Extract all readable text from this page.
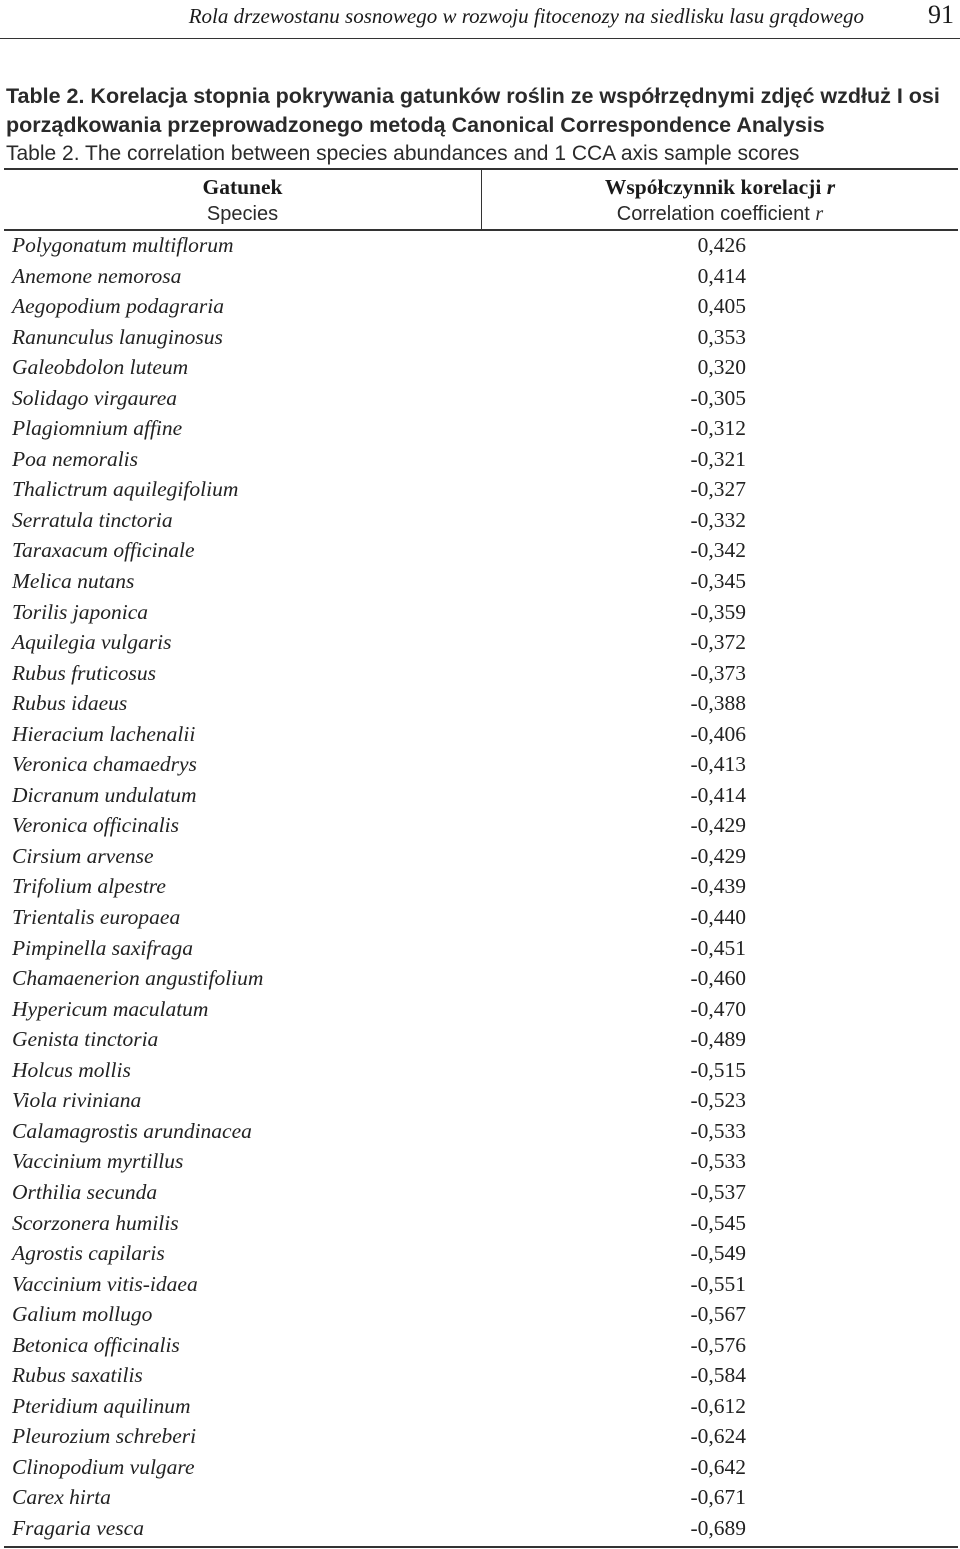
Rola drzewostanu sosnowego w rozwoju fitocenozy na siedlisku lasu grądowego 91
Table 2. Korelacja stopnia pokrywania gatunków roślin ze współrzędnymi zdjęć wzdłuż I osi porządkowania przeprowadzonego metodą Canonical Correspondence Analysis
Table 2. The correlation between species abundances and 1 CCA axis sample scores
Gatunek
Species
Współczynnik korelacji r
Correlation coefficient r
Polygonatum multiflorum	0,426
Anemone nemorosa	0,414
Aegopodium podagraria	0,405
Ranunculus lanuginosus	0,353
Galeobdolon luteum	0,320
Solidago virgaurea	-0,305
Plagiomnium affine	-0,312
Poa nemoralis	-0,321
Thalictrum aquilegifolium	-0,327
Serratula tinctoria	-0,332
Taraxacum officinale	-0,342
Melica nutans	-0,345
Torilis japonica	-0,359
Aquilegia vulgaris	-0,372
Rubus fruticosus	-0,373
Rubus idaeus	-0,388
Hieracium lachenalii	-0,406
Veronica chamaedrys	-0,413
Dicranum undulatum	-0,414
Veronica officinalis	-0,429
Cirsium arvense	-0,429
Trifolium alpestre	-0,439
Trientalis europaea	-0,440
Pimpinella saxifraga	-0,451
Chamaenerion angustifolium	-0,460
Hypericum maculatum	-0,470
Genista tinctoria	-0,489
Holcus mollis	-0,515
Viola riviniana	-0,523
Calamagrostis arundinacea	-0,533
Vaccinium myrtillus	-0,533
Orthilia secunda	-0,537
Scorzonera humilis	-0,545
Agrostis capilaris	-0,549
Vaccinium vitis-idaea	-0,551
Galium mollugo	-0,567
Betonica officinalis	-0,576
Rubus saxatilis	-0,584
Pteridium aquilinum	-0,612
Pleurozium schreberi	-0,624
Clinopodium vulgare	-0,642
Carex hirta	-0,671
Fragaria vesca	-0,689
